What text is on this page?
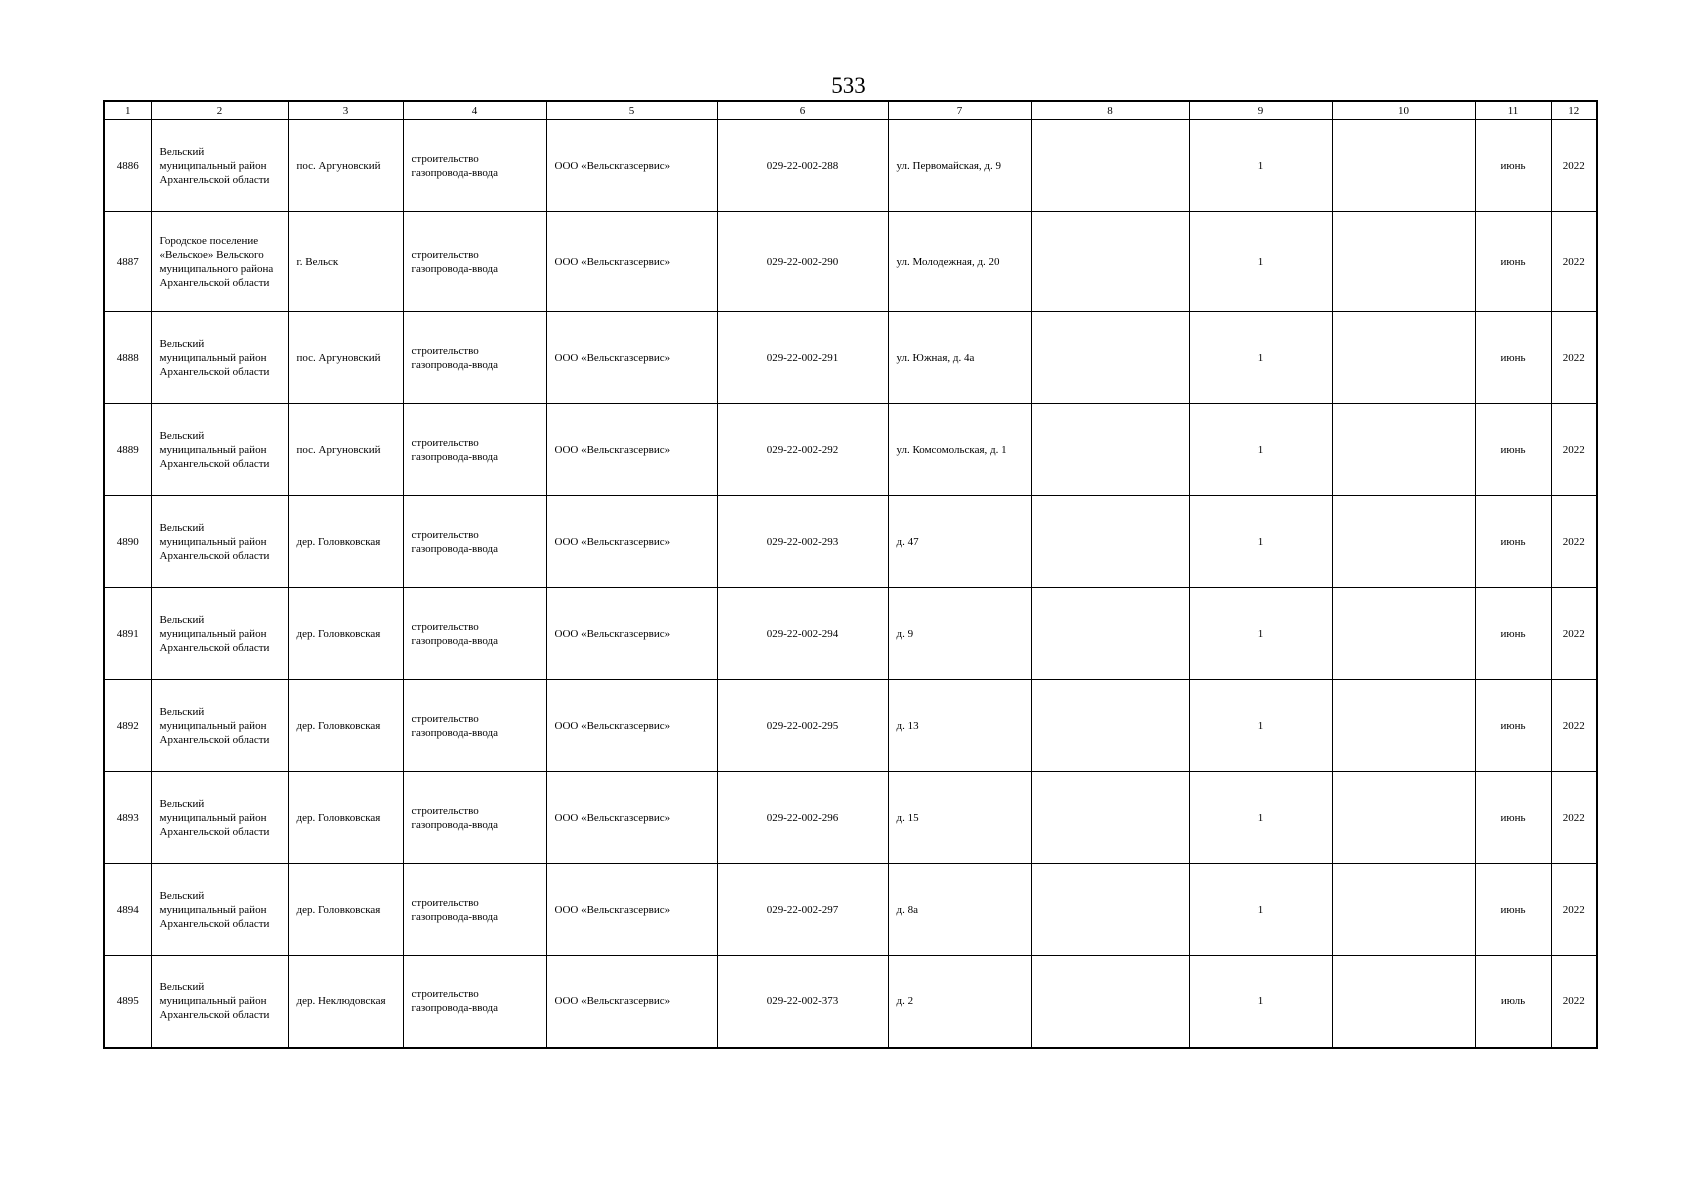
533
1	2	3	4	5	6	7	8	9	10	11	12
4886	Вельский муниципальный район Архангельской области	пос. Аргуновский	строительство газопровода-ввода	ООО «Вельскгазсервис»	029-22-002-288	ул. Первомайская, д. 9		1		июнь	2022
4887	Городское поселение «Вельское» Вельского муниципального района Архангельской области	г. Вельск	строительство газопровода-ввода	ООО «Вельскгазсервис»	029-22-002-290	ул. Молодежная, д. 20		1		июнь	2022
4888	Вельский муниципальный район Архангельской области	пос. Аргуновский	строительство газопровода-ввода	ООО «Вельскгазсервис»	029-22-002-291	ул. Южная, д. 4а		1		июнь	2022
4889	Вельский муниципальный район Архангельской области	пос. Аргуновский	строительство газопровода-ввода	ООО «Вельскгазсервис»	029-22-002-292	ул. Комсомольская, д. 1		1		июнь	2022
4890	Вельский муниципальный район Архангельской области	дер. Головковская	строительство газопровода-ввода	ООО «Вельскгазсервис»	029-22-002-293	д. 47		1		июнь	2022
4891	Вельский муниципальный район Архангельской области	дер. Головковская	строительство газопровода-ввода	ООО «Вельскгазсервис»	029-22-002-294	д. 9		1		июнь	2022
4892	Вельский муниципальный район Архангельской области	дер. Головковская	строительство газопровода-ввода	ООО «Вельскгазсервис»	029-22-002-295	д. 13		1		июнь	2022
4893	Вельский муниципальный район Архангельской области	дер. Головковская	строительство газопровода-ввода	ООО «Вельскгазсервис»	029-22-002-296	д. 15		1		июнь	2022
4894	Вельский муниципальный район Архангельской области	дер. Головковская	строительство газопровода-ввода	ООО «Вельскгазсервис»	029-22-002-297	д. 8а		1		июнь	2022
4895	Вельский муниципальный район Архангельской области	дер. Неклюдовская	строительство газопровода-ввода	ООО «Вельскгазсервис»	029-22-002-373	д. 2		1		июль	2022
